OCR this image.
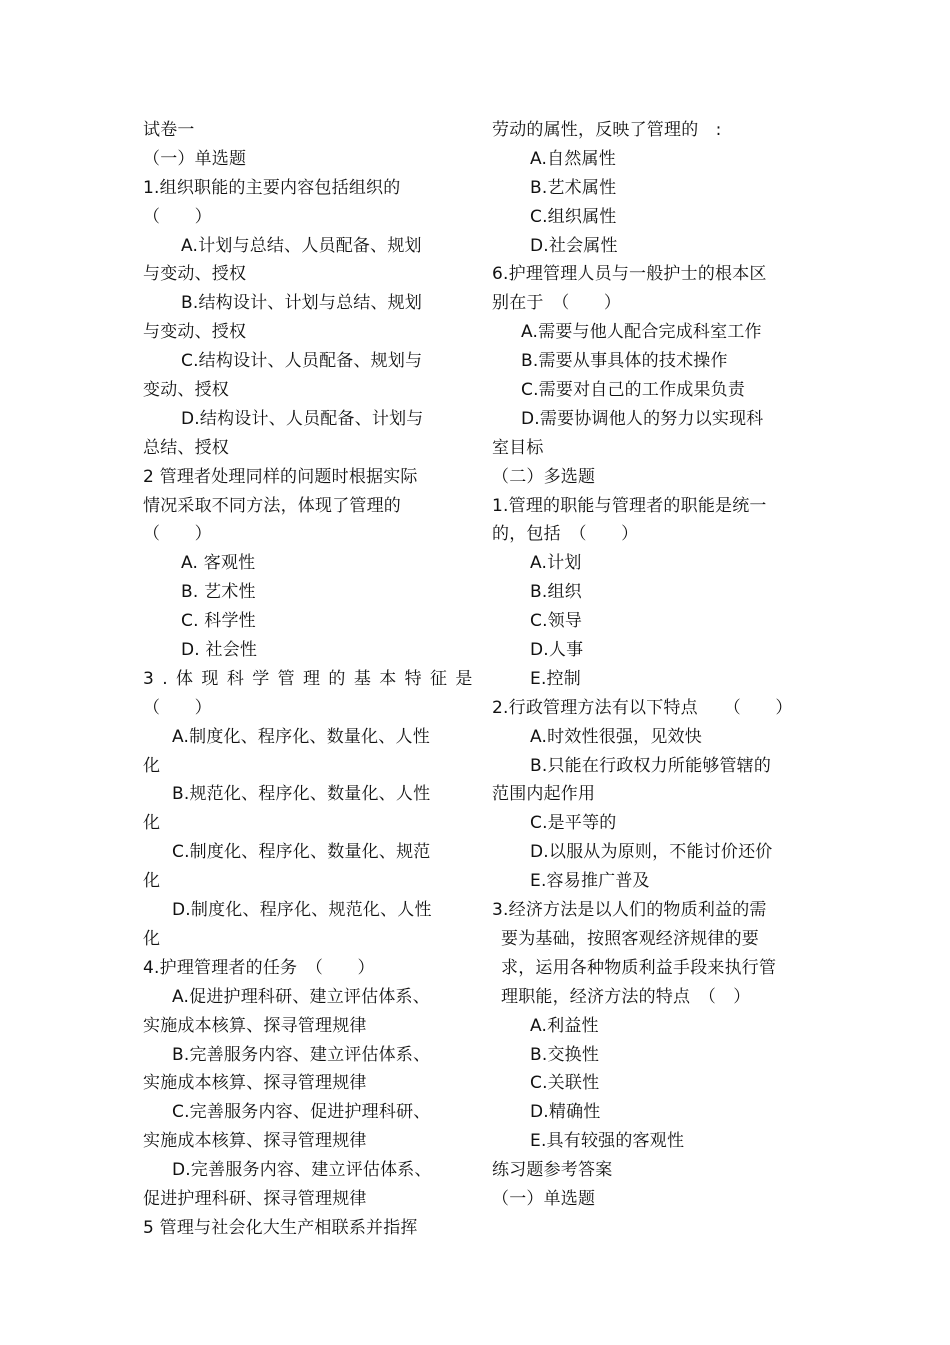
试卷一
（一）单选题
1.组织职能的主要内容包括组织的
（　　）
A.计划与总结、人员配备、规划
与变动、授权
B.结构设计、计划与总结、规划
与变动、授权
C.结构设计、人员配备、规划与
变动、授权
D.结构设计、人员配备、计划与
总结、授权
2 管理者处理同样的问题时根据实际
情况采取不同方法，体现了管理的
（　　）
A. 客观性
B. 艺术性
C. 科学性
D. 社会性
3.体现科学管理的基本特征是
（　　）
A.制度化、程序化、数量化、人性
化
B.规范化、程序化、数量化、人性
化
C.制度化、程序化、数量化、规范
化
D.制度化、程序化、规范化、人性
化
4.护理管理者的任务　（　　）
A.促进护理科研、建立评估体系、
实施成本核算、探寻管理规律
B.完善服务内容、建立评估体系、
实施成本核算、探寻管理规律
C.完善服务内容、促进护理科研、
实施成本核算、探寻管理规律
D.完善服务内容、建立评估体系、
促进护理科研、探寻管理规律
5 管理与社会化大生产相联系并指挥
劳动的属性，反映了管理的　:
A.自然属性
B.艺术属性
C.组织属性
D.社会属性
6.护理管理人员与一般护士的根本区
别在于　（　　）
A.需要与他人配合完成科室工作
B.需要从事具体的技术操作
C.需要对自己的工作成果负责
D.需要协调他人的努力以实现科
室目标
（二）多选题
1.管理的职能与管理者的职能是统一
的，包括　（　　）
A.计划
B.组织
C.领导
D.人事
E.控制
2.行政管理方法有以下特点　　（　　）
A.时效性很强，见效快
B.只能在行政权力所能够管辖的
范围内起作用
C.是平等的
D.以服从为原则，不能讨价还价
E.容易推广普及
3.经济方法是以人们的物质利益的需
要为基础，按照客观经济规律的要
求，运用各种物质利益手段来执行管
理职能，经济方法的特点　（　）
A.利益性
B.交换性
C.关联性
D.精确性
E.具有较强的客观性
练习题参考答案
（一）单选题
